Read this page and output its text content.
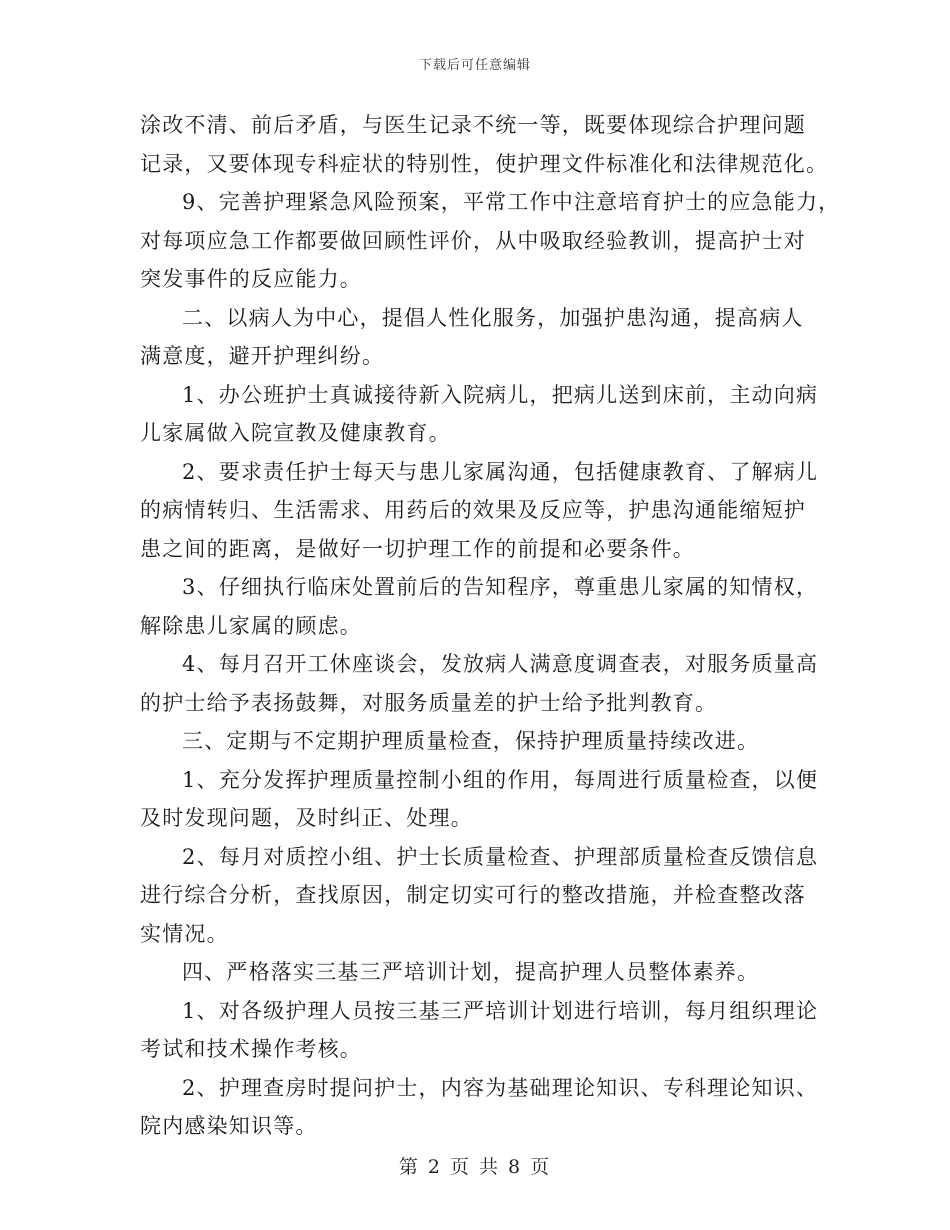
下载后可任意编辑

涂改不清、前后矛盾，与医生记录不统一等，既要体现综合护理问题
记录，又要体现专科症状的特别性，使护理文件标准化和法律规范化。

9、完善护理紧急风险预案，平常工作中注意培育护士的应急能力，
对每项应急工作都要做回顾性评价，从中吸取经验教训，提高护士对
突发事件的反应能力。

二、以病人为中心，提倡人性化服务，加强护患沟通，提高病人
满意度，避开护理纠纷。

1、办公班护士真诚接待新入院病儿，把病儿送到床前，主动向病
儿家属做入院宣教及健康教育。

2、要求责任护士每天与患儿家属沟通，包括健康教育、了解病儿
的病情转归、生活需求、用药后的效果及反应等，护患沟通能缩短护
患之间的距离，是做好一切护理工作的前提和必要条件。

3、仔细执行临床处置前后的告知程序，尊重患儿家属的知情权，
解除患儿家属的顾虑。

4、每月召开工休座谈会，发放病人满意度调查表，对服务质量高
的护士给予表扬鼓舞，对服务质量差的护士给予批判教育。

三、定期与不定期护理质量检查，保持护理质量持续改进。

1、充分发挥护理质量控制小组的作用，每周进行质量检查，以便
及时发现问题，及时纠正、处理。

2、每月对质控小组、护士长质量检查、护理部质量检查反馈信息
进行综合分析，查找原因，制定切实可行的整改措施，并检查整改落
实情况。

四、严格落实三基三严培训计划，提高护理人员整体素养。

1、对各级护理人员按三基三严培训计划进行培训，每月组织理论
考试和技术操作考核。

2、护理查房时提问护士，内容为基础理论知识、专科理论知识、
院内感染知识等。

第 2 页 共 8 页
